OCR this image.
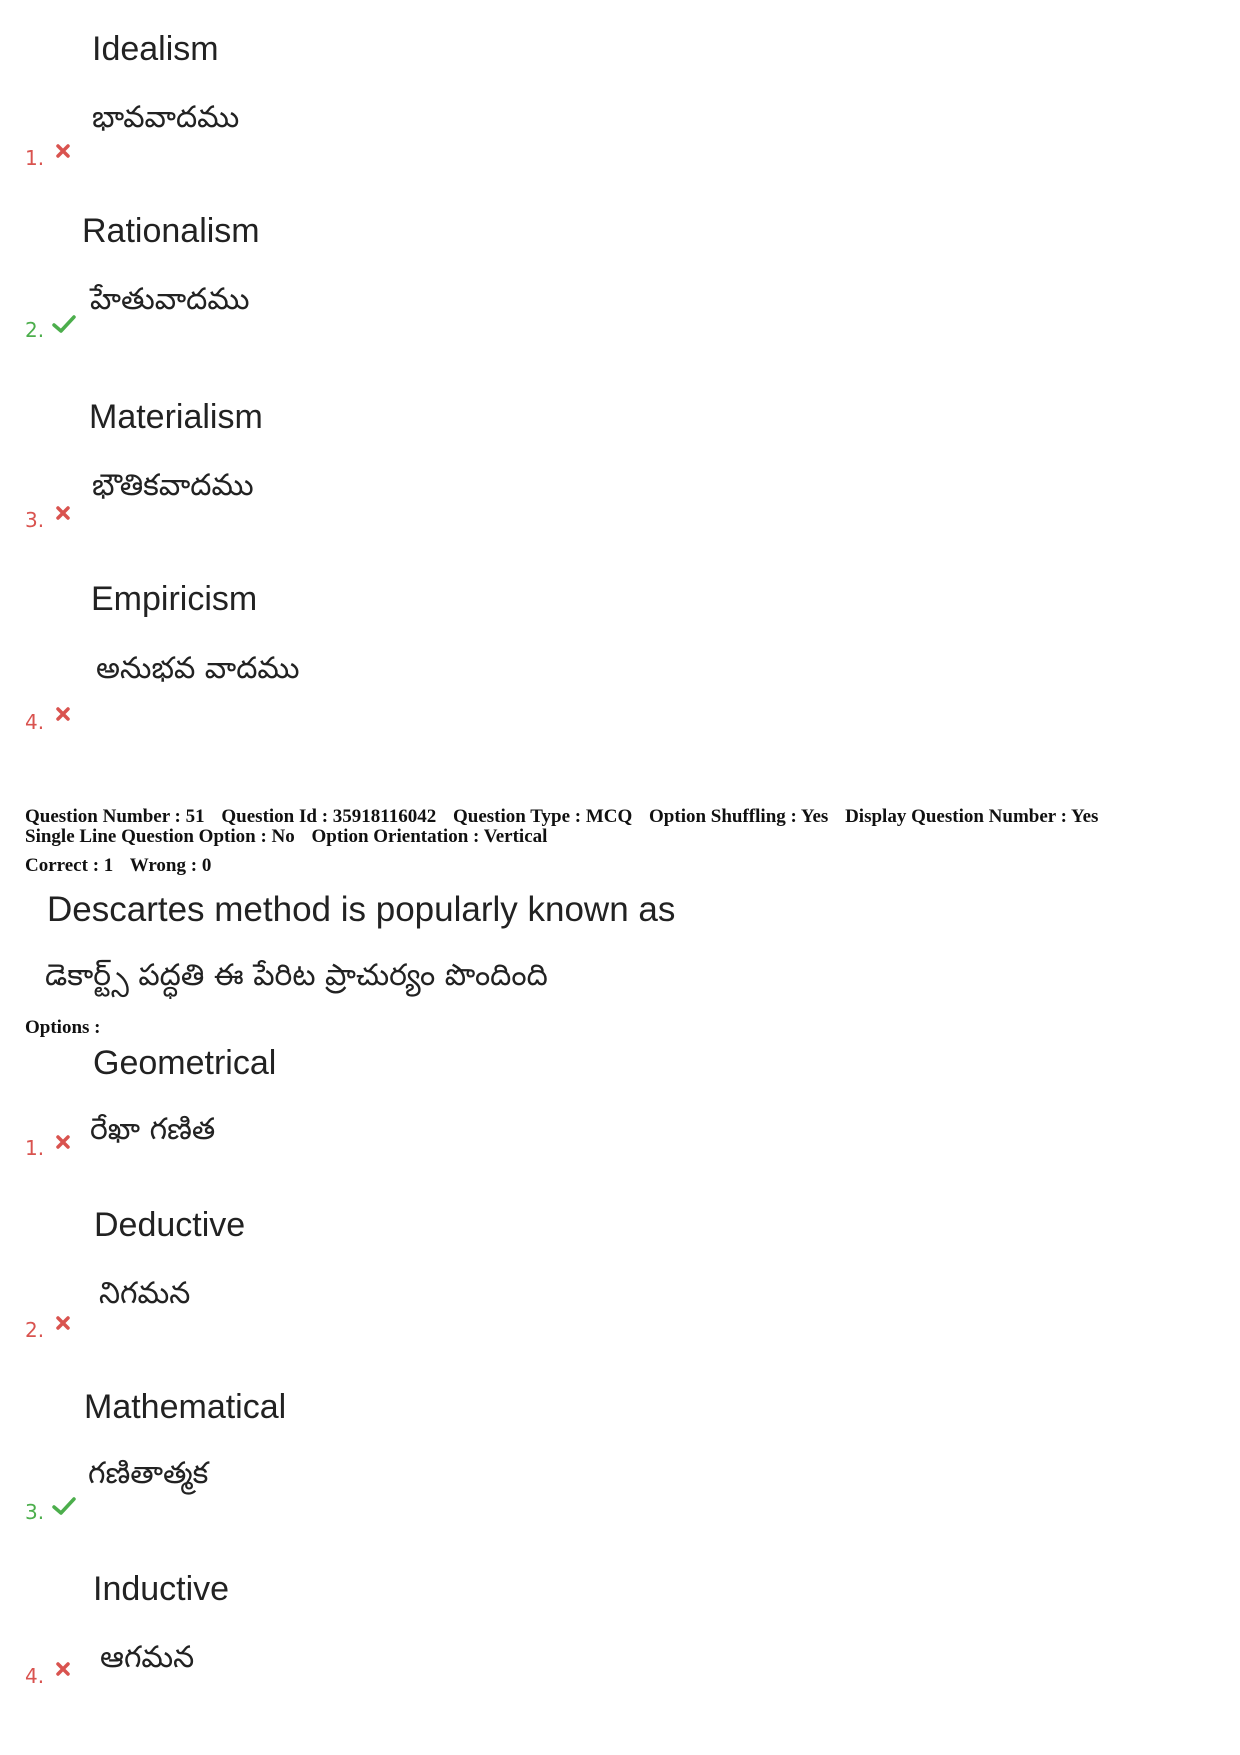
Idealism
భావవాదము
1.
Rationalism
హేతువాదము
2.
Materialism
భౌతికవాదము
3.
Empiricism
అనుభవ వాదము
4.
Question Number : 51 Question Id : 35918116042 Question Type : MCQ Option Shuffling : Yes Display Question Number : Yes
Single Line Question Option : No Option Orientation : Vertical
Correct : 1 Wrong : 0
Descartes method is popularly known as
డెకార్ట్స్ పద్ధతి ఈ పేరిట ప్రాచుర్యం పొందింది
Options :
Geometrical
రేఖా గణిత
1.
Deductive
నిగమన
2.
Mathematical
గణితాత్మక
3.
Inductive
ఆగమన
4.
